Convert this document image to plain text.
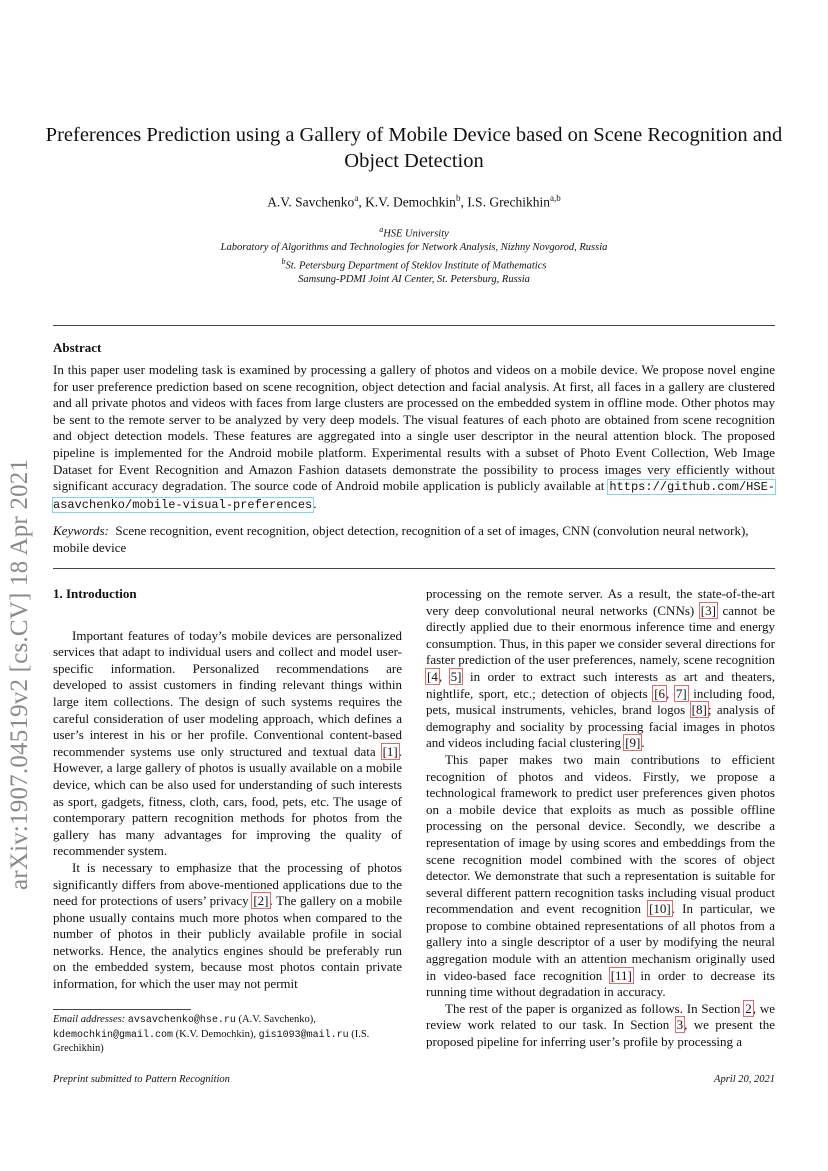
arXiv:1907.04519v2 [cs.CV] 18 Apr 2021
Preferences Prediction using a Gallery of Mobile Device based on Scene Recognition and Object Detection
A.V. Savchenko$^a$, K.V. Demochkin$^b$, I.S. Grechikhin$^{a,b}$
$^a$HSE University
Laboratory of Algorithms and Technologies for Network Analysis, Nizhny Novgorod, Russia
$^b$St. Petersburg Department of Steklov Institute of Mathematics
Samsung-PDMI Joint AI Center, St. Petersburg, Russia
Abstract
In this paper user modeling task is examined by processing a gallery of photos and videos on a mobile device. We propose novel engine for user preference prediction based on scene recognition, object detection and facial analysis. At first, all faces in a gallery are clustered and all private photos and videos with faces from large clusters are processed on the embedded system in offline mode. Other photos may be sent to the remote server to be analyzed by very deep models. The visual features of each photo are obtained from scene recognition and object detection models. These features are aggregated into a single user descriptor in the neural attention block. The proposed pipeline is implemented for the Android mobile platform. Experimental results with a subset of Photo Event Collection, Web Image Dataset for Event Recognition and Amazon Fashion datasets demonstrate the possibility to process images very efficiently without significant accuracy degradation. The source code of Android mobile application is publicly available at https://github.com/HSE-asavchenko/mobile-visual-preferences.
Keywords: Scene recognition, event recognition, object detection, recognition of a set of images, CNN (convolution neural network), mobile device

1. Introduction

Important features of today’s mobile devices are personalized services that adapt to individual users and collect and model user-specific information. Personalized recommendations are developed to assist customers in finding relevant things within large item collections. The design of such systems requires the careful consideration of user modeling approach, which defines a user’s interest in his or her profile. Conventional content-based recommender systems use only structured and textual data [1]. However, a large gallery of photos is usually available on a mobile device, which can be also used for understanding of such interests as sport, gadgets, fitness, cloth, cars, food, pets, etc. The usage of contemporary pattern recognition methods for photos from the gallery has many advantages for improving the quality of recommender system.

It is necessary to emphasize that the processing of photos significantly differs from above-mentioned applications due to the need for protections of users’ privacy [2]. The gallery on a mobile phone usually contains much more photos when compared to the number of photos in their publicly available profile in social networks. Hence, the analytics engines should be preferably run on the embedded system, because most photos contain private information, for which the user may not permit

processing on the remote server. As a result, the state-of-the-art very deep convolutional neural networks (CNNs) [3] cannot be directly applied due to their enormous inference time and energy consumption. Thus, in this paper we consider several directions for faster prediction of the user preferences, namely, scene recognition [4, 5] in order to extract such interests as art and theaters, nightlife, sport, etc.; detection of objects [6, 7] including food, pets, musical instruments, vehicles, brand logos [8]; analysis of demography and sociality by processing facial images in photos and videos including facial clustering [9].

This paper makes two main contributions to efficient recognition of photos and videos. Firstly, we propose a technological framework to predict user preferences given photos on a mobile device that exploits as much as possible offline processing on the personal device. Secondly, we describe a representation of image by using scores and embeddings from the scene recognition model combined with the scores of object detector. We demonstrate that such a representation is suitable for several different pattern recognition tasks including visual product recommendation and event recognition [10]. In particular, we propose to combine obtained representations of all photos from a gallery into a single descriptor of a user by modifying the neural aggregation module with an attention mechanism originally used in video-based face recognition [11] in order to decrease its running time without degradation in accuracy.

The rest of the paper is organized as follows. In Section 2, we review work related to our task. In Section 3, we present the proposed pipeline for inferring user’s profile by processing a

Email addresses: avsavchenko@hse.ru (A.V. Savchenko),
kdemochkin@gmail.com (K.V. Demochkin), gis1093@mail.ru (I.S. Grechikhin)
Preprint submitted to Pattern Recognition	April 20, 2021
